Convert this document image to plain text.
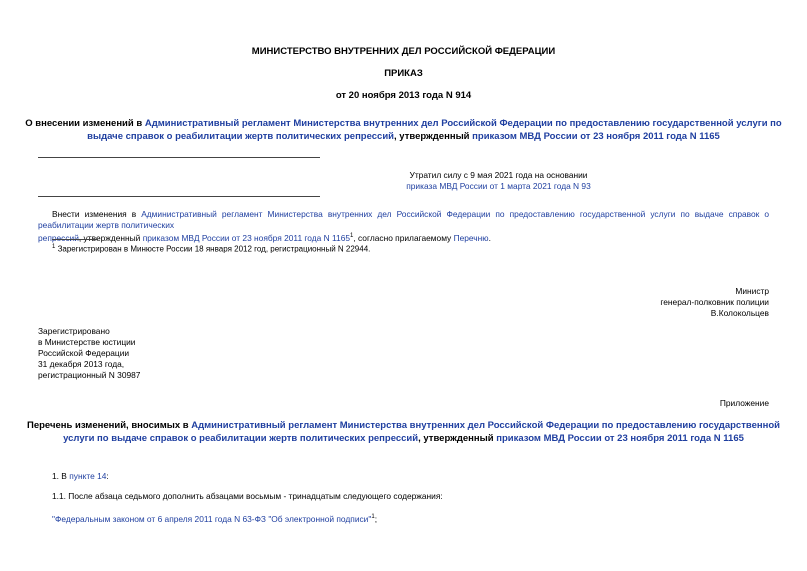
МИНИСТЕРСТВО ВНУТРЕННИХ ДЕЛ РОССИЙСКОЙ ФЕДЕРАЦИИ
ПРИКАЗ
от 20 ноября 2013 года N 914
О внесении изменений в Административный регламент Министерства внутренних дел Российской Федерации по предоставлению государственной услуги по
выдаче справок о реабилитации жертв политических репрессий, утвержденный приказом МВД России от 23 ноября 2011 года N 1165
Утратил силу с 9 мая 2021 года на основании
приказа МВД России от 1 марта 2021 года N 93
Внести изменения в Административный регламент Министерства внутренних дел Российской Федерации по предоставлению государственной услуги по выдаче справок о реабилитации жертв политических
репрессий, утвержденный приказом МВД России от 23 ноября 2011 года N 1165$^1$, согласно прилагаемому Перечню.
$^1$ Зарегистрирован в Минюсте России 18 января 2012 год, регистрационный N 22944.
Министр
генерал-полковник полиции
В.Колокольцев
Зарегистрировано
в Министерстве юстиции
Российской Федерации
31 декабря 2013 года,
регистрационный N 30987
Приложение
Перечень изменений, вносимых в Административный регламент Министерства внутренних дел Российской Федерации по предоставлению государственной
услуги по выдаче справок о реабилитации жертв политических репрессий, утвержденный приказом МВД России от 23 ноября 2011 года N 1165
1. В пункте 14:
1.1. После абзаца седьмого дополнить абзацами восьмым - тринадцатым следующего содержания:
"Федеральным законом от 6 апреля 2011 года N 63-ФЗ "Об электронной подписи"$^1$;
